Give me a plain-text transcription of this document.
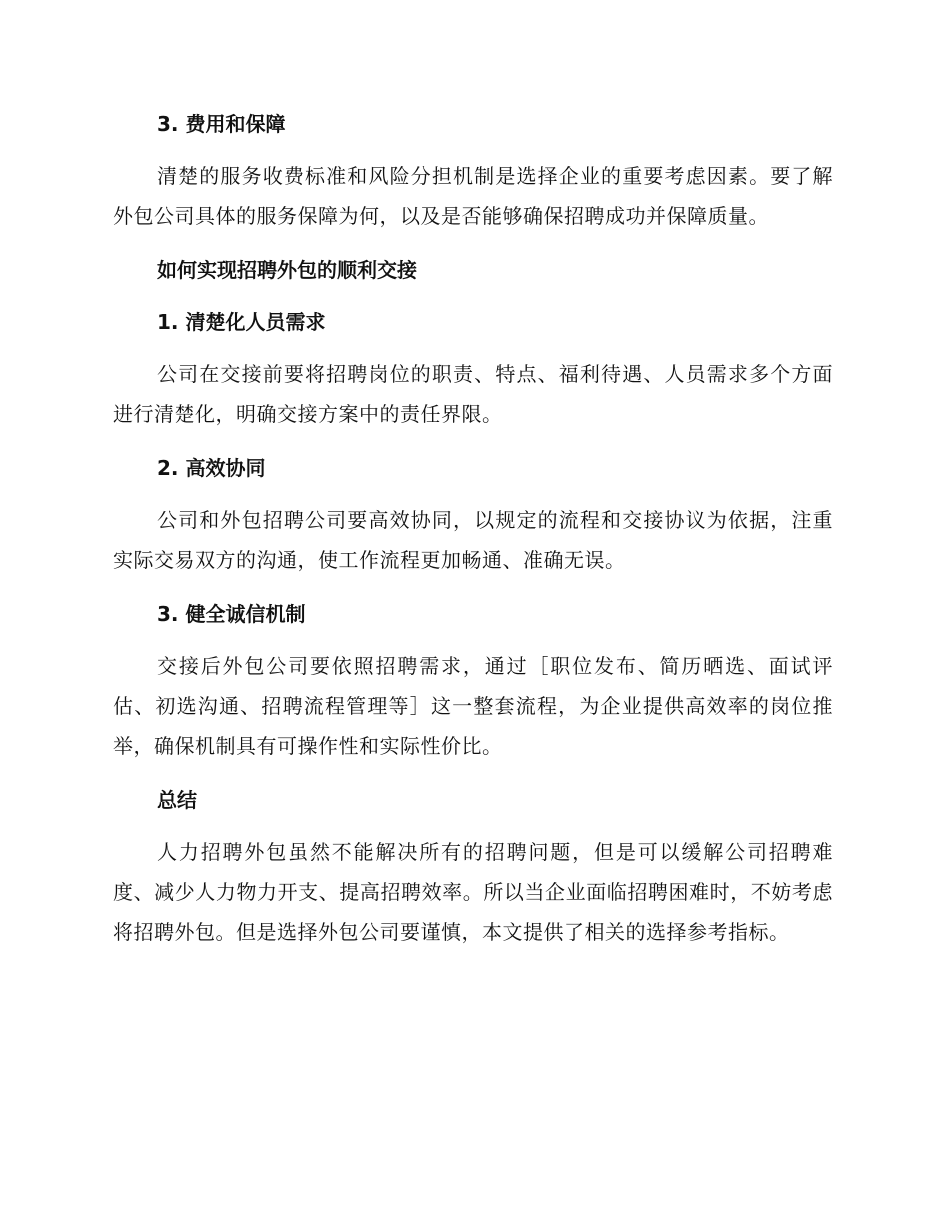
3. 费用和保障

清楚的服务收费标准和风险分担机制是选择企业的重要考虑因素。要了解外包公司具体的服务保障为何，以及是否能够确保招聘成功并保障质量。

如何实现招聘外包的顺利交接

1. 清楚化人员需求

公司在交接前要将招聘岗位的职责、特点、福利待遇、人员需求多个方面进行清楚化，明确交接方案中的责任界限。

2. 高效协同

公司和外包招聘公司要高效协同，以规定的流程和交接协议为依据，注重实际交易双方的沟通，使工作流程更加畅通、准确无误。

3. 健全诚信机制

交接后外包公司要依照招聘需求，通过［职位发布、简历晒选、面试评估、初选沟通、招聘流程管理等］这一整套流程，为企业提供高效率的岗位推举，确保机制具有可操作性和实际性价比。

总结

人力招聘外包虽然不能解决所有的招聘问题，但是可以缓解公司招聘难度、减少人力物力开支、提高招聘效率。所以当企业面临招聘困难时，不妨考虑将招聘外包。但是选择外包公司要谨慎，本文提供了相关的选择参考指标。
